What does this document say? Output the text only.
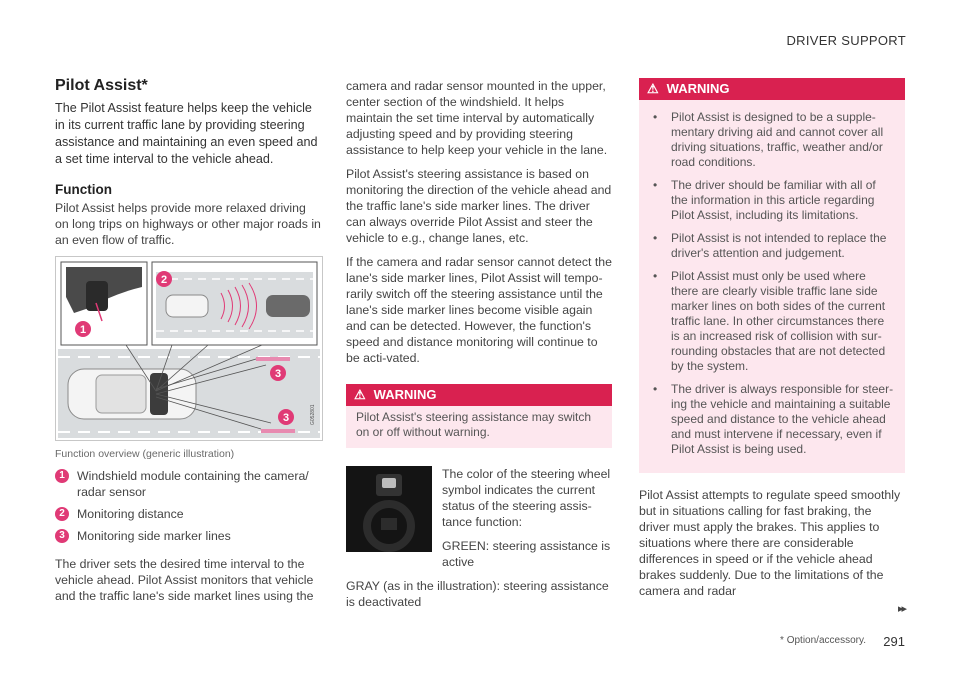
DRIVER SUPPORT
Pilot Assist*

The Pilot Assist feature helps keep the vehicle in its current traffic lane by providing steering assistance and maintaining an even speed and a set time interval to the vehicle ahead.

Function

Pilot Assist helps provide more relaxed driving on long trips on highways or other major roads in an even flow of traffic.

1
2
3
3	G052801
Function overview (generic illustration)
1 Windshield module containing the camera/ radar sensor
2 Monitoring distance
3 Monitoring side marker lines

The driver sets the desired time interval to the vehicle ahead. Pilot Assist monitors that vehicle and the traffic lane's side market lines using the

camera and radar sensor mounted in the upper, center section of the windshield. It helps maintain the set time interval by automatically adjusting speed and by providing steering assistance to help keep your vehicle in the lane.

Pilot Assist's steering assistance is based on monitoring the direction of the vehicle ahead and the traffic lane's side marker lines. The driver can always override Pilot Assist and steer the vehicle to e.g., change lanes, etc.

If the camera and radar sensor cannot detect the lane's side marker lines, Pilot Assist will tempo-rarily switch off the steering assistance until the lane's side marker lines become visible again and can be detected. However, the function's speed and distance monitoring will continue to be acti-vated.

⚠ WARNING
Pilot Assist's steering assistance may switch on or off without warning.

The color of the steering wheel symbol indicates the current status of the steering assis-tance function:

GREEN: steering assistance is active

GRAY (as in the illustration): steering assistance is deactivated

⚠ WARNING
•	Pilot Assist is designed to be a supple-mentary driving aid and cannot cover all driving situations, traffic, weather and/or road conditions.
•	The driver should be familiar with all of the information in this article regarding Pilot Assist, including its limitations.
•	Pilot Assist is not intended to replace the driver's attention and judgement.
•	Pilot Assist must only be used where there are clearly visible traffic lane side marker lines on both sides of the current traffic lane. In other circumstances there is an increased risk of collision with sur-rounding obstacles that are not detected by the system.
•	The driver is always responsible for steer-ing the vehicle and maintaining a suitable speed and distance to the vehicle ahead and must intervene if necessary, even if Pilot Assist is being used.

Pilot Assist attempts to regulate speed smoothly but in situations calling for fast braking, the driver must apply the brakes. This applies to situations where there are considerable differences in speed or if the vehicle ahead brakes suddenly. Due to the limitations of the camera and radar

▸▸
* Option/accessory. 291
